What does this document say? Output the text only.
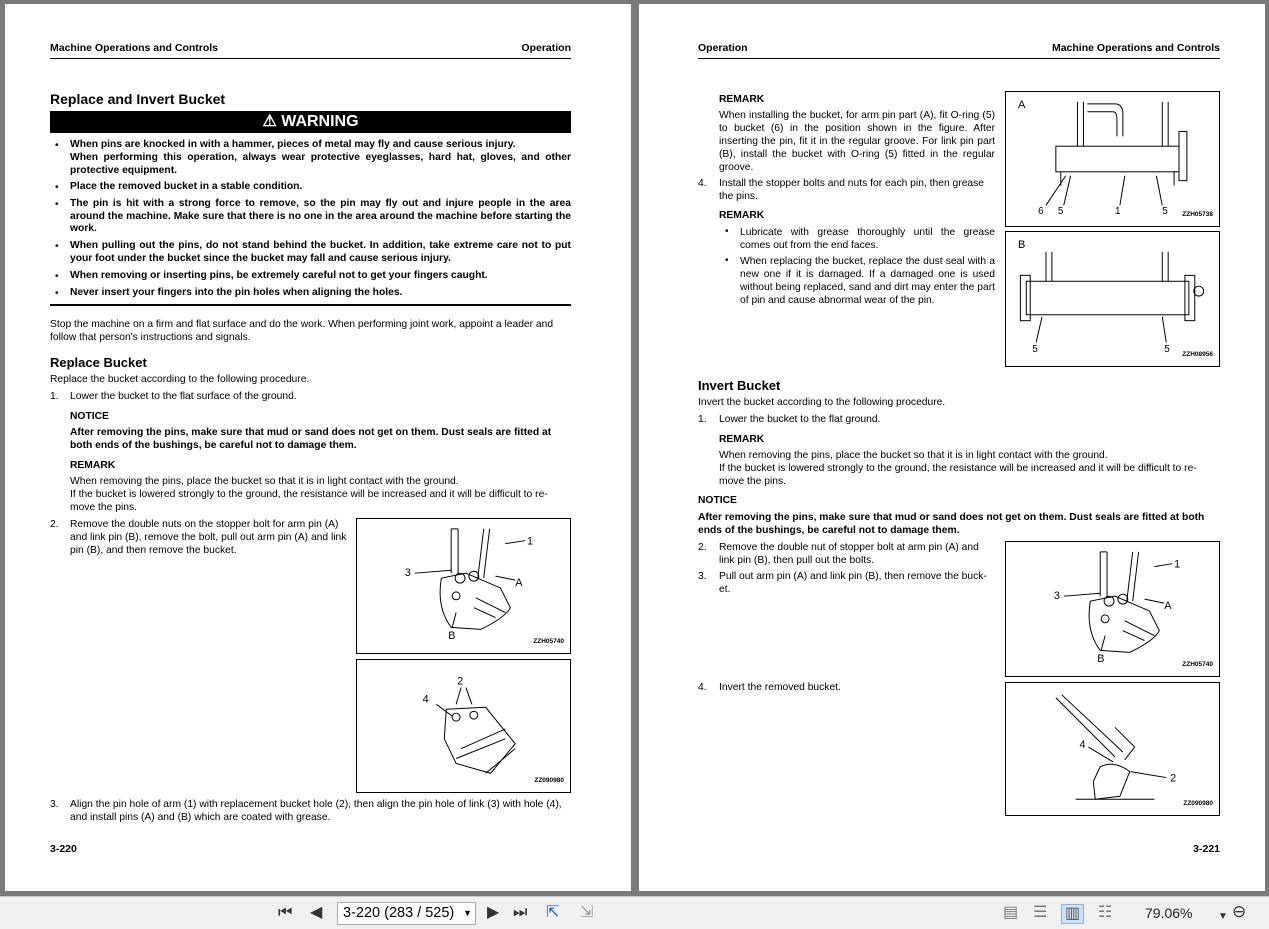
Machine Operations and Controls	Operation
Replace and Invert Bucket
⚠ WARNING
• When pins are knocked in with a hammer, pieces of metal may fly and cause serious injury.
When performing this operation, always wear protective eyeglasses, hard hat, gloves, and other protective equipment.
• Place the removed bucket in a stable condition.
• The pin is hit with a strong force to remove, so the pin may fly out and injure people in the area around the machine. Make sure that there is no one in the area around the machine before starting the work.
• When pulling out the pins, do not stand behind the bucket. In addition, take extreme care not to put your foot under the bucket since the bucket may fall and cause serious injury.
• When removing or inserting pins, be extremely careful not to get your fingers caught.
• Never insert your fingers into the pin holes when aligning the holes.
Stop the machine on a firm and flat surface and do the work. When performing joint work, appoint a leader and follow that person's instructions and signals.
Replace Bucket
Replace the bucket according to the following procedure.
1. Lower the bucket to the flat surface of the ground.
NOTICE
After removing the pins, make sure that mud or sand does not get on them. Dust seals are fitted at both ends of the bushings, be careful not to damage them.
REMARK
When removing the pins, place the bucket so that it is in light contact with the ground.
If the bucket is lowered strongly to the ground, the resistance will be increased and it will be difficult to re-move the pins.
2. Remove the double nuts on the stopper bolt for arm pin (A) and link pin (B), remove the bolt, pull out arm pin (A) and link pin (B), and then remove the bucket.
1
3
A
B	ZZH05740
2
4
ZZ090980
3. Align the pin hole of arm (1) with replacement bucket hole (2), then align the pin hole of link (3) with hole (4), and install pins (A) and (B) which are coated with grease.
3-220
Operation	Machine Operations and Controls
REMARK
When installing the bucket, for arm pin part (A), fit O-ring (5) to bucket (6) in the position shown in the figure. After inserting the pin, fit it in the regular groove. For link pin part (B), install the bucket with O-ring (5) fitted in the regular groove.
4. Install the stopper bolts and nuts for each pin, then grease the pins.
REMARK
• Lubricate with grease thoroughly until the grease comes out from the end faces.
• When replacing the bucket, replace the dust seal with a new one if it is damaged. If a damaged one is used without being replaced, sand and dirt may enter the part of pin and cause abnormal wear of the pin.
A
6 5	1	5 ZZH05738
B
5	5 ZZH08956
Invert Bucket
Invert the bucket according to the following procedure.
1. Lower the bucket to the flat ground.
REMARK
When removing the pins, place the bucket so that it is in light contact with the ground.
If the bucket is lowered strongly to the ground, the resistance will be increased and it will be difficult to re-move the pins.
NOTICE
After removing the pins, make sure that mud or sand does not get on them. Dust seals are fitted at both ends of the bushings, be careful not to damage them.
2. Remove the double nut of stopper bolt at arm pin (A) and link pin (B), then pull out the bolts.
3. Pull out arm pin (A) and link pin (B), then remove the buck-et.
1
3
A
B	ZZH05740
4. Invert the removed bucket.
4
2
ZZ090980
3-221
⏮ ◀	3-220 (283 / 525) ▼ ▶ ⏭ ⇱ ⇲	▤ ☰ ▥ ☷ 79.06%	▼ ⊖
